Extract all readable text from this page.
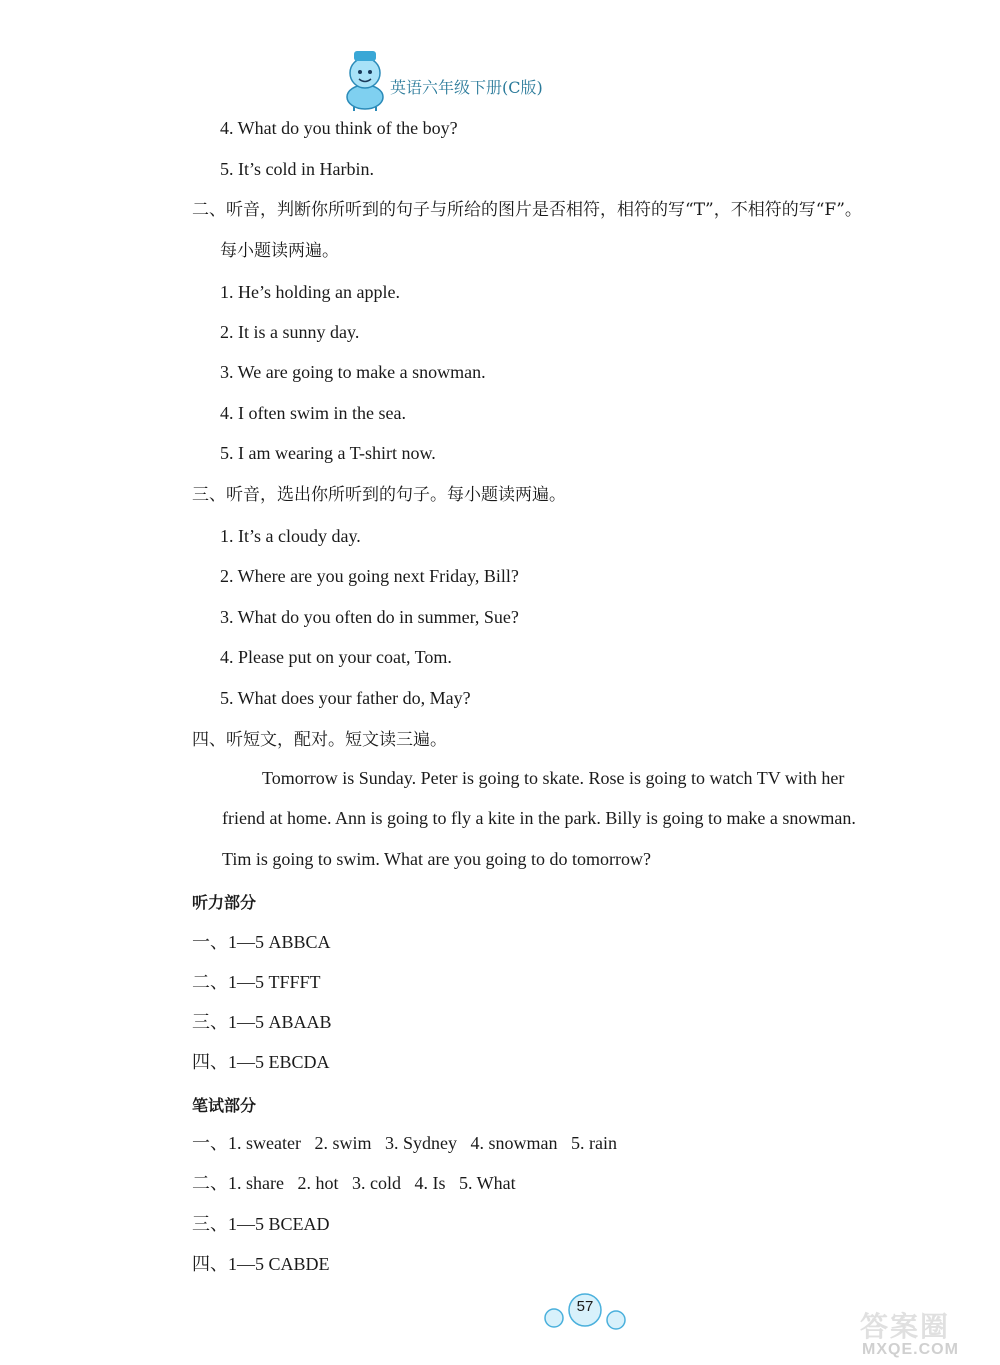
英语六年级下册(C版)
4. What do you think of the boy?
5. It’s cold in Harbin.
二、听音，判断你所听到的句子与所给的图片是否相符，相符的写“T”，不相符的写“F”。
每小题读两遍。
1. He’s holding an apple.
2. It is a sunny day.
3. We are going to make a snowman.
4. I often swim in the sea.
5. I am wearing a T-shirt now.
三、听音，选出你所听到的句子。每小题读两遍。
1. It’s a cloudy day.
2. Where are you going next Friday, Bill?
3. What do you often do in summer, Sue?
4. Please put on your coat, Tom.
5. What does your father do, May?
四、听短文，配对。短文读三遍。
Tomorrow is Sunday. Peter is going to skate. Rose is going to watch TV with her
friend at home. Ann is going to fly a kite in the park. Billy is going to make a snowman.
Tim is going to swim. What are you going to do tomorrow?
听力部分
一、1—5 ABBCA
二、1—5 TFFFT
三、1—5 ABAAB
四、1—5 EBCDA
笔试部分
一、1. sweater   2. swim   3. Sydney   4. snowman   5. rain
二、1. share   2. hot   3. cold   4. Is   5. What
三、1—5 BCEAD
四、1—5 CABDE
57
答案圈
MXQE.COM
